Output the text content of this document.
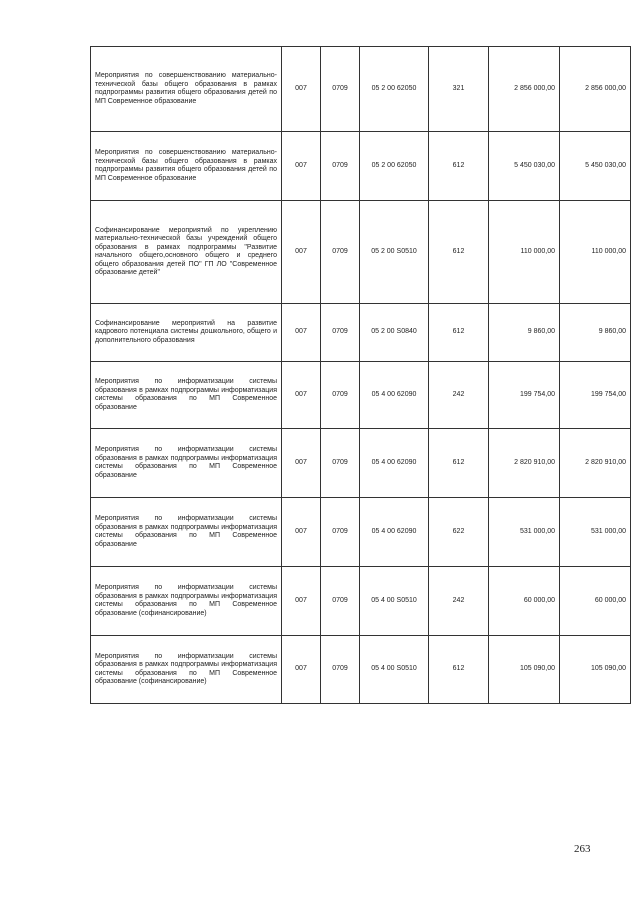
Мероприятия по совершенствованию материально-технической базы общего образования в рамках подпрограммы развития общего образования детей по МП Современное образование	007	0709	05 2 00 62050	321	2 856 000,00	2 856 000,00
Мероприятия по совершенствованию материально-технической базы общего образования в рамках подпрограммы развития общего образования детей по МП Современное образование	007	0709	05 2 00 62050	612	5 450 030,00	5 450 030,00
Софинансирование мероприятий по укреплению материально-технической базы учреждений общего образования в рамках подпрограммы "Развитие начального общего,основного общего и среднего общего образования детей ПО" ГП ЛО "Современное образование детей"	007	0709	05 2 00 S0510	612	110 000,00	110 000,00
Софинансирование мероприятий на развитие кадрового потенциала системы дошкольного, общего и дополнительного образования	007	0709	05 2 00 S0840	612	9 860,00	9 860,00
Мероприятия по информатизации системы образования в рамках подпрограммы информатизация системы образования по МП Современное образование	007	0709	05 4 00 62090	242	199 754,00	199 754,00
Мероприятия по информатизации системы образования в рамках подпрограммы информатизация системы образования по МП Современное образование	007	0709	05 4 00 62090	612	2 820 910,00	2 820 910,00
Мероприятия по информатизации системы образования в рамках подпрограммы информатизация системы образования по МП Современное образование	007	0709	05 4 00 62090	622	531 000,00	531 000,00
Мероприятия по информатизации системы образования в рамках подпрограммы информатизация системы образования по МП Современное образование (софинансирование)	007	0709	05 4 00 S0510	242	60 000,00	60 000,00
Мероприятия по информатизации системы образования в рамках подпрограммы информатизация системы образования по МП Современное образование (софинансирование)	007	0709	05 4 00 S0510	612	105 090,00	105 090,00
263
